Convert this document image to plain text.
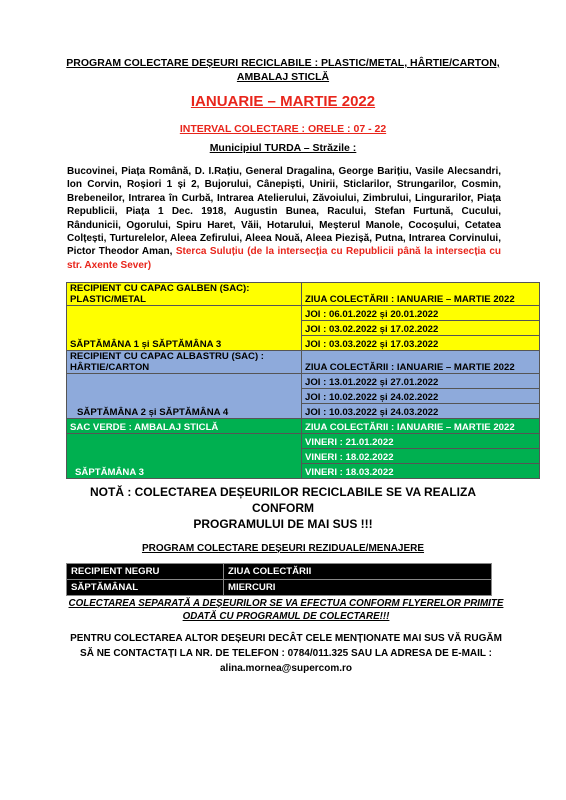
PROGRAM COLECTARE DEȘEURI RECICLABILE : PLASTIC/METAL, HÂRTIE/CARTON,
AMBALAJ STICLĂ
IANUARIE – MARTIE 2022
INTERVAL COLECTARE : ORELE : 07 - 22
Municipiul TURDA – Străzile :
Bucovinei, Piața Română, D. I.Rațiu, General Dragalina, George Barițiu, Vasile Alecsandri, Ion Corvin, Roșiori 1 și 2, Bujorului, Cânepiști, Unirii, Sticlarilor, Strungarilor, Cosmin, Brebeneilor, Intrarea în Curbă, Intrarea Atelierului, Zăvoiului, Zimbrului, Lingurarilor, Piața Republicii, Piața 1 Dec. 1918, Augustin Bunea, Racului, Stefan Furtună, Cucului, Rândunicii, Ogorului, Spiru Haret, Văii, Hotarului, Meșterul Manole, Cocoșului, Cetatea Colțești, Turturelelor, Aleea Zefirului, Aleea Nouă, Aleea Piezișă, Putna, Intrarea Corvinului, Pictor Theodor Aman, Sterca Suluțiu (de la intersecția cu Republicii până la intersecția cu str. Axente Sever)
RECIPIENT CU CAPAC GALBEN (SAC):
PLASTIC/METAL	ZIUA COLECTĂRII : IANUARIE – MARTIE 2022
SĂPTĂMÂNA 1 și SĂPTĂMÂNA 3	JOI : 06.01.2022 și 20.01.2022
	JOI : 03.02.2022 și 17.02.2022
	JOI : 03.03.2022 și 17.03.2022

RECIPIENT CU CAPAC ALBASTRU (SAC) :
HÂRTIE/CARTON	ZIUA COLECTĂRII : IANUARIE – MARTIE 2022
SĂPTĂMÂNA 2 și SĂPTĂMÂNA 4	JOI : 13.01.2022 și 27.01.2022
	JOI : 10.02.2022 și 24.02.2022
	JOI : 10.03.2022 și 24.03.2022
SAC VERDE : AMBALAJ STICLĂ	ZIUA COLECTĂRII : IANUARIE – MARTIE 2022
SĂPTĂMÂNA 3	VINERI : 21.01.2022
	VINERI : 18.02.2022
	VINERI : 18.03.2022
NOTĂ : COLECTAREA DEȘEURILOR RECICLABILE SE VA REALIZA CONFORM
PROGRAMULUI DE MAI SUS !!!
PROGRAM COLECTARE DEȘEURI REZIDUALE/MENAJERE
RECIPIENT NEGRU	ZIUA COLECTĂRII
SĂPTĂMÂNAL	MIERCURI
COLECTAREA SEPARATĂ A DEȘEURILOR SE VA EFECTUA CONFORM FLYERELOR PRIMITE
ODATĂ CU PROGRAMUL DE COLECTARE!!!
PENTRU COLECTAREA ALTOR DEȘEURI DECÂT CELE MENȚIONATE MAI SUS VĂ RUGĂM
SĂ NE CONTACTAȚI LA NR. DE TELEFON : 0784/011.325 SAU LA ADRESA DE E-MAIL :
alina.mornea@supercom.ro
